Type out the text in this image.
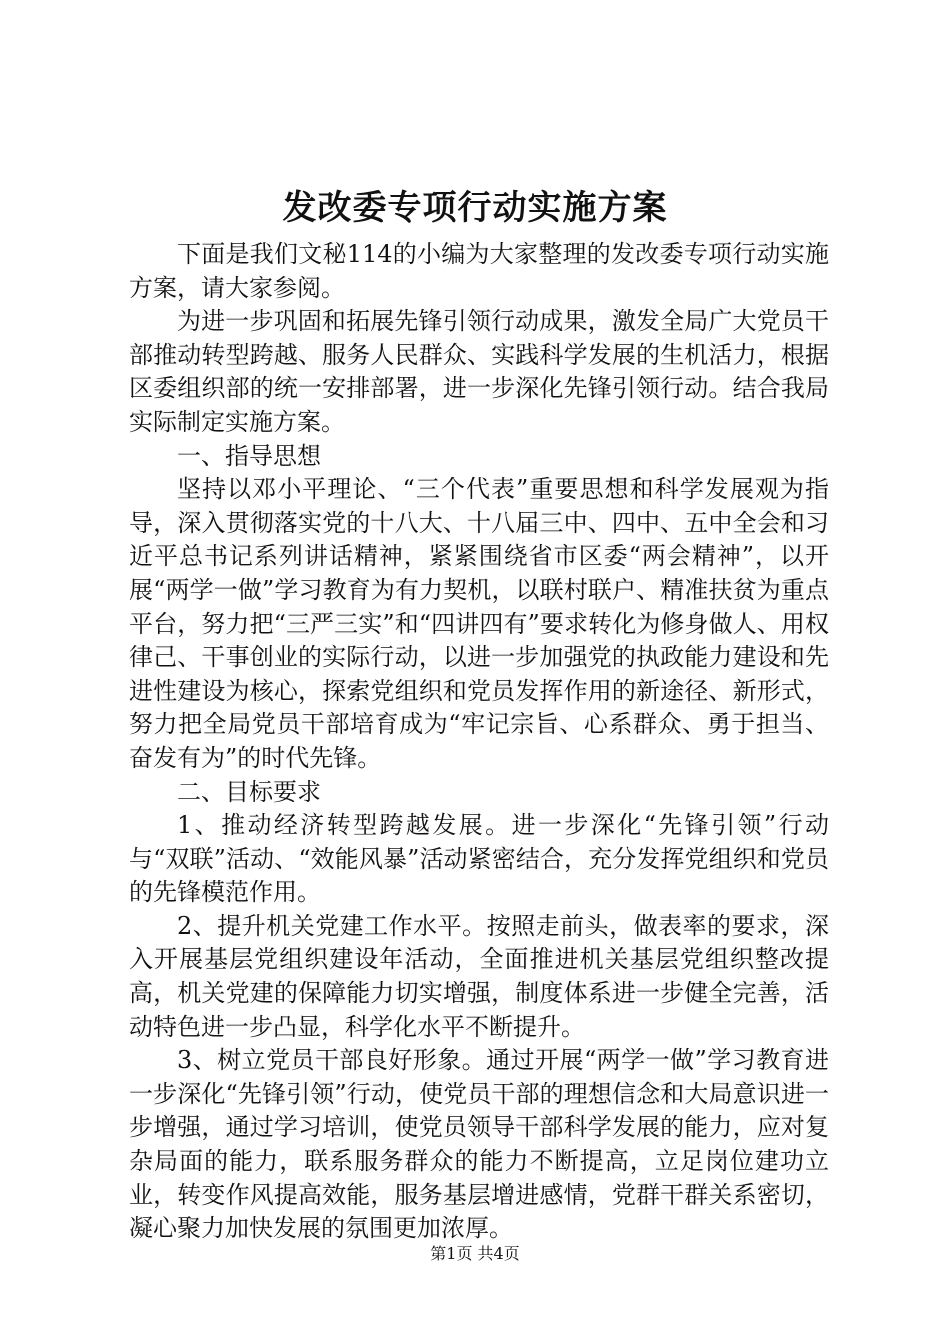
发改委专项行动实施方案

下面是我们文秘114的小编为大家整理的发改委专项行动实施方案，请大家参阅。

为进一步巩固和拓展先锋引领行动成果，激发全局广大党员干部推动转型跨越、服务人民群众、实践科学发展的生机活力，根据区委组织部的统一安排部署，进一步深化先锋引领行动。结合我局实际制定实施方案。

一、指导思想

坚持以邓小平理论、“三个代表”重要思想和科学发展观为指导，深入贯彻落实党的十八大、十八届三中、四中、五中全会和习近平总书记系列讲话精神，紧紧围绕省市区委“两会精神”，以开展“两学一做”学习教育为有力契机，以联村联户、精准扶贫为重点平台，努力把“三严三实”和“四讲四有”要求转化为修身做人、用权律己、干事创业的实际行动，以进一步加强党的执政能力建设和先进性建设为核心，探索党组织和党员发挥作用的新途径、新形式，努力把全局党员干部培育成为“牢记宗旨、心系群众、勇于担当、奋发有为”的时代先锋。

二、目标要求

1、推动经济转型跨越发展。进一步深化“先锋引领”行动与“双联”活动、“效能风暴”活动紧密结合，充分发挥党组织和党员的先锋模范作用。

2、提升机关党建工作水平。按照走前头，做表率的要求，深入开展基层党组织建设年活动，全面推进机关基层党组织整改提高，机关党建的保障能力切实增强，制度体系进一步健全完善，活动特色进一步凸显，科学化水平不断提升。

3、树立党员干部良好形象。通过开展“两学一做”学习教育进一步深化“先锋引领”行动，使党员干部的理想信念和大局意识进一步增强，通过学习培训，使党员领导干部科学发展的能力，应对复杂局面的能力，联系服务群众的能力不断提高，立足岗位建功立业，转变作风提高效能，服务基层增进感情，党群干群关系密切，凝心聚力加快发展的氛围更加浓厚。

第1页 共4页
